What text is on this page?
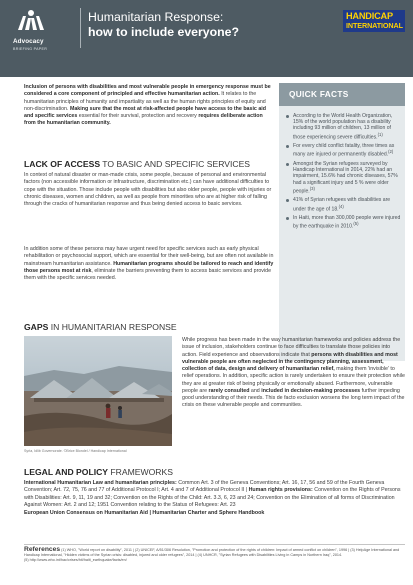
Advocacy
BRIEFING PAPER
Humanitarian Response:
how to include everyone?
HANDICAP
INTERNATIONAL
Inclusion of persons with disabilities and most vulnerable people in emergency response must be considered a core component of principled and effective humanitarian action. It relates to the humanitarian principles of humanity and impartiality as well as the human rights principles of equity and non-discrimination. Making sure that the most at risk-affected people have access to the basic aid and specific services essential for their survival, protection and recovery requires deliberate action from the humanitarian community.
LACK OF ACCESS TO BASIC AND SPECIFIC SERVICES
In context of natural disaster or man-made crisis, some people, because of personal and environmental factors (non accessible information or infrastructure, discrimination etc.) can have additional difficulties to cope with the situation. Those include people with disabilities but also older people, people with injuries or chronic diseases, women and children, as well as people from minorities who are at higher risk of falling through the cracks of humanitarian response and thus being denied access to basic services.
In addition some of these persons may have urgent need for specific services such as early physical rehabilitation or psychosocial support, which are essential for their well-being, but are often not available in mainstream humanitarian assistance. Humanitarian programs should be tailored to reach and identify those persons most at risk, eliminate the barriers preventing them to access basic services and provide them with the specific services needed.
QUICK FACTS
According to the World Health Organization, 15% of the world population has a disability including 93 million of children, 13 million of those experiencing severe difficulties.$^{(1)}$
For every child conflict fatality, three times as many are injured or permanently disabled.$^{(2)}$
Amongst the Syrian refugees surveyed by Handicap International in 2014, 22% had an impairment, 15.6% had chronic diseases, 57% had a significant injury and 5 % were older people.$^{(3)}$
41% of Syrian refugees with disabilities are under the age of 18.$^{(4)}$
In Haiti, more than 300,000 people were injured by the earthquake in 2010.$^{(5)}$
GAPS IN HUMANITARIAN RESPONSE
Syria, Idlib Governorate. ©Brice Blondel / Handicap International
While progress has been made in the way humanitarian frameworks and policies address the issue of inclusion, stakeholders continue to face difficulties to translate those policies into action. Field experience and observations indicate that persons with disabilities and most vulnerable people are often neglected in the contingency planning, assessment, collection of data, design and delivery of humanitarian relief, making them 'invisible' to relief operations. In addition, specific action is rarely undertaken to ensure their protection while they are at greater risk of being physically or emotionally abused. Furthermore, vulnerable people are rarely consulted and included in decision-making processes further impeding good understanding of their needs. This de facto exclusion worsens the long term impact of the crisis on these vulnerable people and communities.
LEGAL AND POLICY FRAMEWORKS
International Humanitarian Law and humanitarian principles: Common Art. 3 of the Geneva Conventions; Art. 16, 17, 56 and 59 of the Fourth Geneva Convention; Art. 72, 75, 76 and 77 of Additional Protocol I; Art. 4 and 7 of Additional Protocol II | Human rights provisions: Convention on the Rights of Persons with Disabilities: Art. 9, 11, 19 and 32; Convention on the Rights of the Child: Art. 3.3, 6, 23 and 24; Convention on the Elimination of all forms of Discrimination Against Women: Art. 2 and 12; 1951 Convention relating to the Status of Refugees: Art. 23
European Union Consensus on Humanitarian Aid | Humanitarian Charter and Sphere Handbook
References (1) WHO, "World report on disability", 2011 | (2) UNICEF, A/51/306 Resolution, "Promotion and protection of the rights of children: Impact of armed conflict on children", 1996 | (3) HelpAge International and Handicap International, "Hidden victims of the Syrian crisis: disabled, injured and older refugees", 2014 | (4) UNHCR, "Syrian Refugees with Disabilities Living in Camps in Northern Iraq", 2014.
(5) http://www.who.int/hac/crises/hti/haiti_earthquake/facts/en/
